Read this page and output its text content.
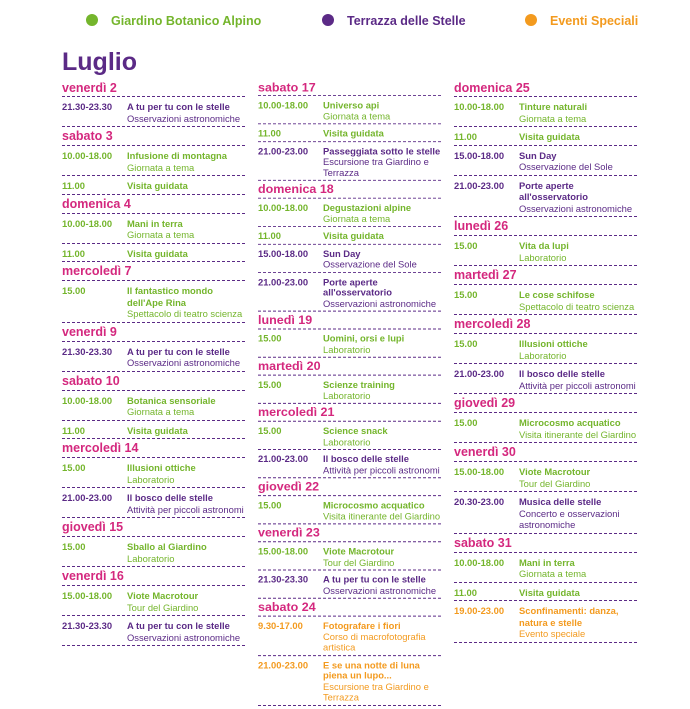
Giardino Botanico Alpino	Terrazza delle Stelle	Eventi Speciali
Luglio
venerdì 2
21.30-23.30 A tu per tu con le stelle
Osservazioni astronomiche
sabato 3
10.00-18.00 Infusione di montagna
Giornata a tema
11.00	Visita guidata
domenica 4
10.00-18.00 Mani in terra
Giornata a tema
11.00	Visita guidata
mercoledì 7
15.00	Il fantastico mondo dell'Ape Rina
Spettacolo di teatro scienza
venerdì 9
21.30-23.30 A tu per tu con le stelle
Osservazioni astronomiche
sabato 10
10.00-18.00 Botanica sensoriale
Giornata a tema
11.00	Visita guidata
mercoledì 14
15.00	Illusioni ottiche
Laboratorio
21.00-23.00 Il bosco delle stelle
Attività per piccoli astronomi
giovedì 15
15.00	Sballo al Giardino
Laboratorio
venerdì 16
15.00-18.00 Viote Macrotour
Tour del Giardino
21.30-23.30 A tu per tu con le stelle
Osservazioni astronomiche
sabato 17
10.00-18.00 Universo api
Giornata a tema
11.00	Visita guidata
21.00-23.00 Passeggiata sotto le stelle
Escursione tra Giardino e Terrazza
domenica 18
10.00-18.00 Degustazioni alpine
Giornata a tema
11.00	Visita guidata
15.00-18.00 Sun Day
Osservazione del Sole
21.00-23.00 Porte aperte all'osservatorio
Osservazioni astronomiche
lunedì 19
15.00	Uomini, orsi e lupi
Laboratorio
martedì 20
15.00	Scienze training
Laboratorio
mercoledì 21
15.00	Science snack
Laboratorio
21.00-23.00 Il bosco delle stelle
Attività per piccoli astronomi
giovedì 22
15.00	Microcosmo acquatico
Visita itinerante del Giardino
venerdì 23
15.00-18.00 Viote Macrotour
Tour del Giardino
21.30-23.30 A tu per tu con le stelle
Osservazioni astronomiche
sabato 24
9.30-17.00 Fotografare i fiori
Corso di macrofotografia artistica
21.00-23.00 E se una notte di luna piena un lupo...
Escursione tra Giardino e Terrazza
domenica 25
10.00-18.00 Tinture naturali
Giornata a tema
11.00	Visita guidata
15.00-18.00 Sun Day
Osservazione del Sole
21.00-23.00 Porte aperte all'osservatorio
Osservazioni astronomiche
lunedì 26
15.00	Vita da lupi
Laboratorio
martedì 27
15.00	Le cose schifose
Spettacolo di teatro scienza
mercoledì 28
15.00	Illusioni ottiche
Laboratorio
21.00-23.00 Il bosco delle stelle
Attività per piccoli astronomi
giovedì 29
15.00	Microcosmo acquatico
Visita itinerante del Giardino
venerdì 30
15.00-18.00 Viote Macrotour
Tour del Giardino
20.30-23.00 Musica delle stelle
Concerto e osservazioni astronomiche
sabato 31
10.00-18.00 Mani in terra
Giornata a tema
11.00	Visita guidata
19.00-23.00 Sconfinamenti: danza, natura e stelle
Evento speciale
